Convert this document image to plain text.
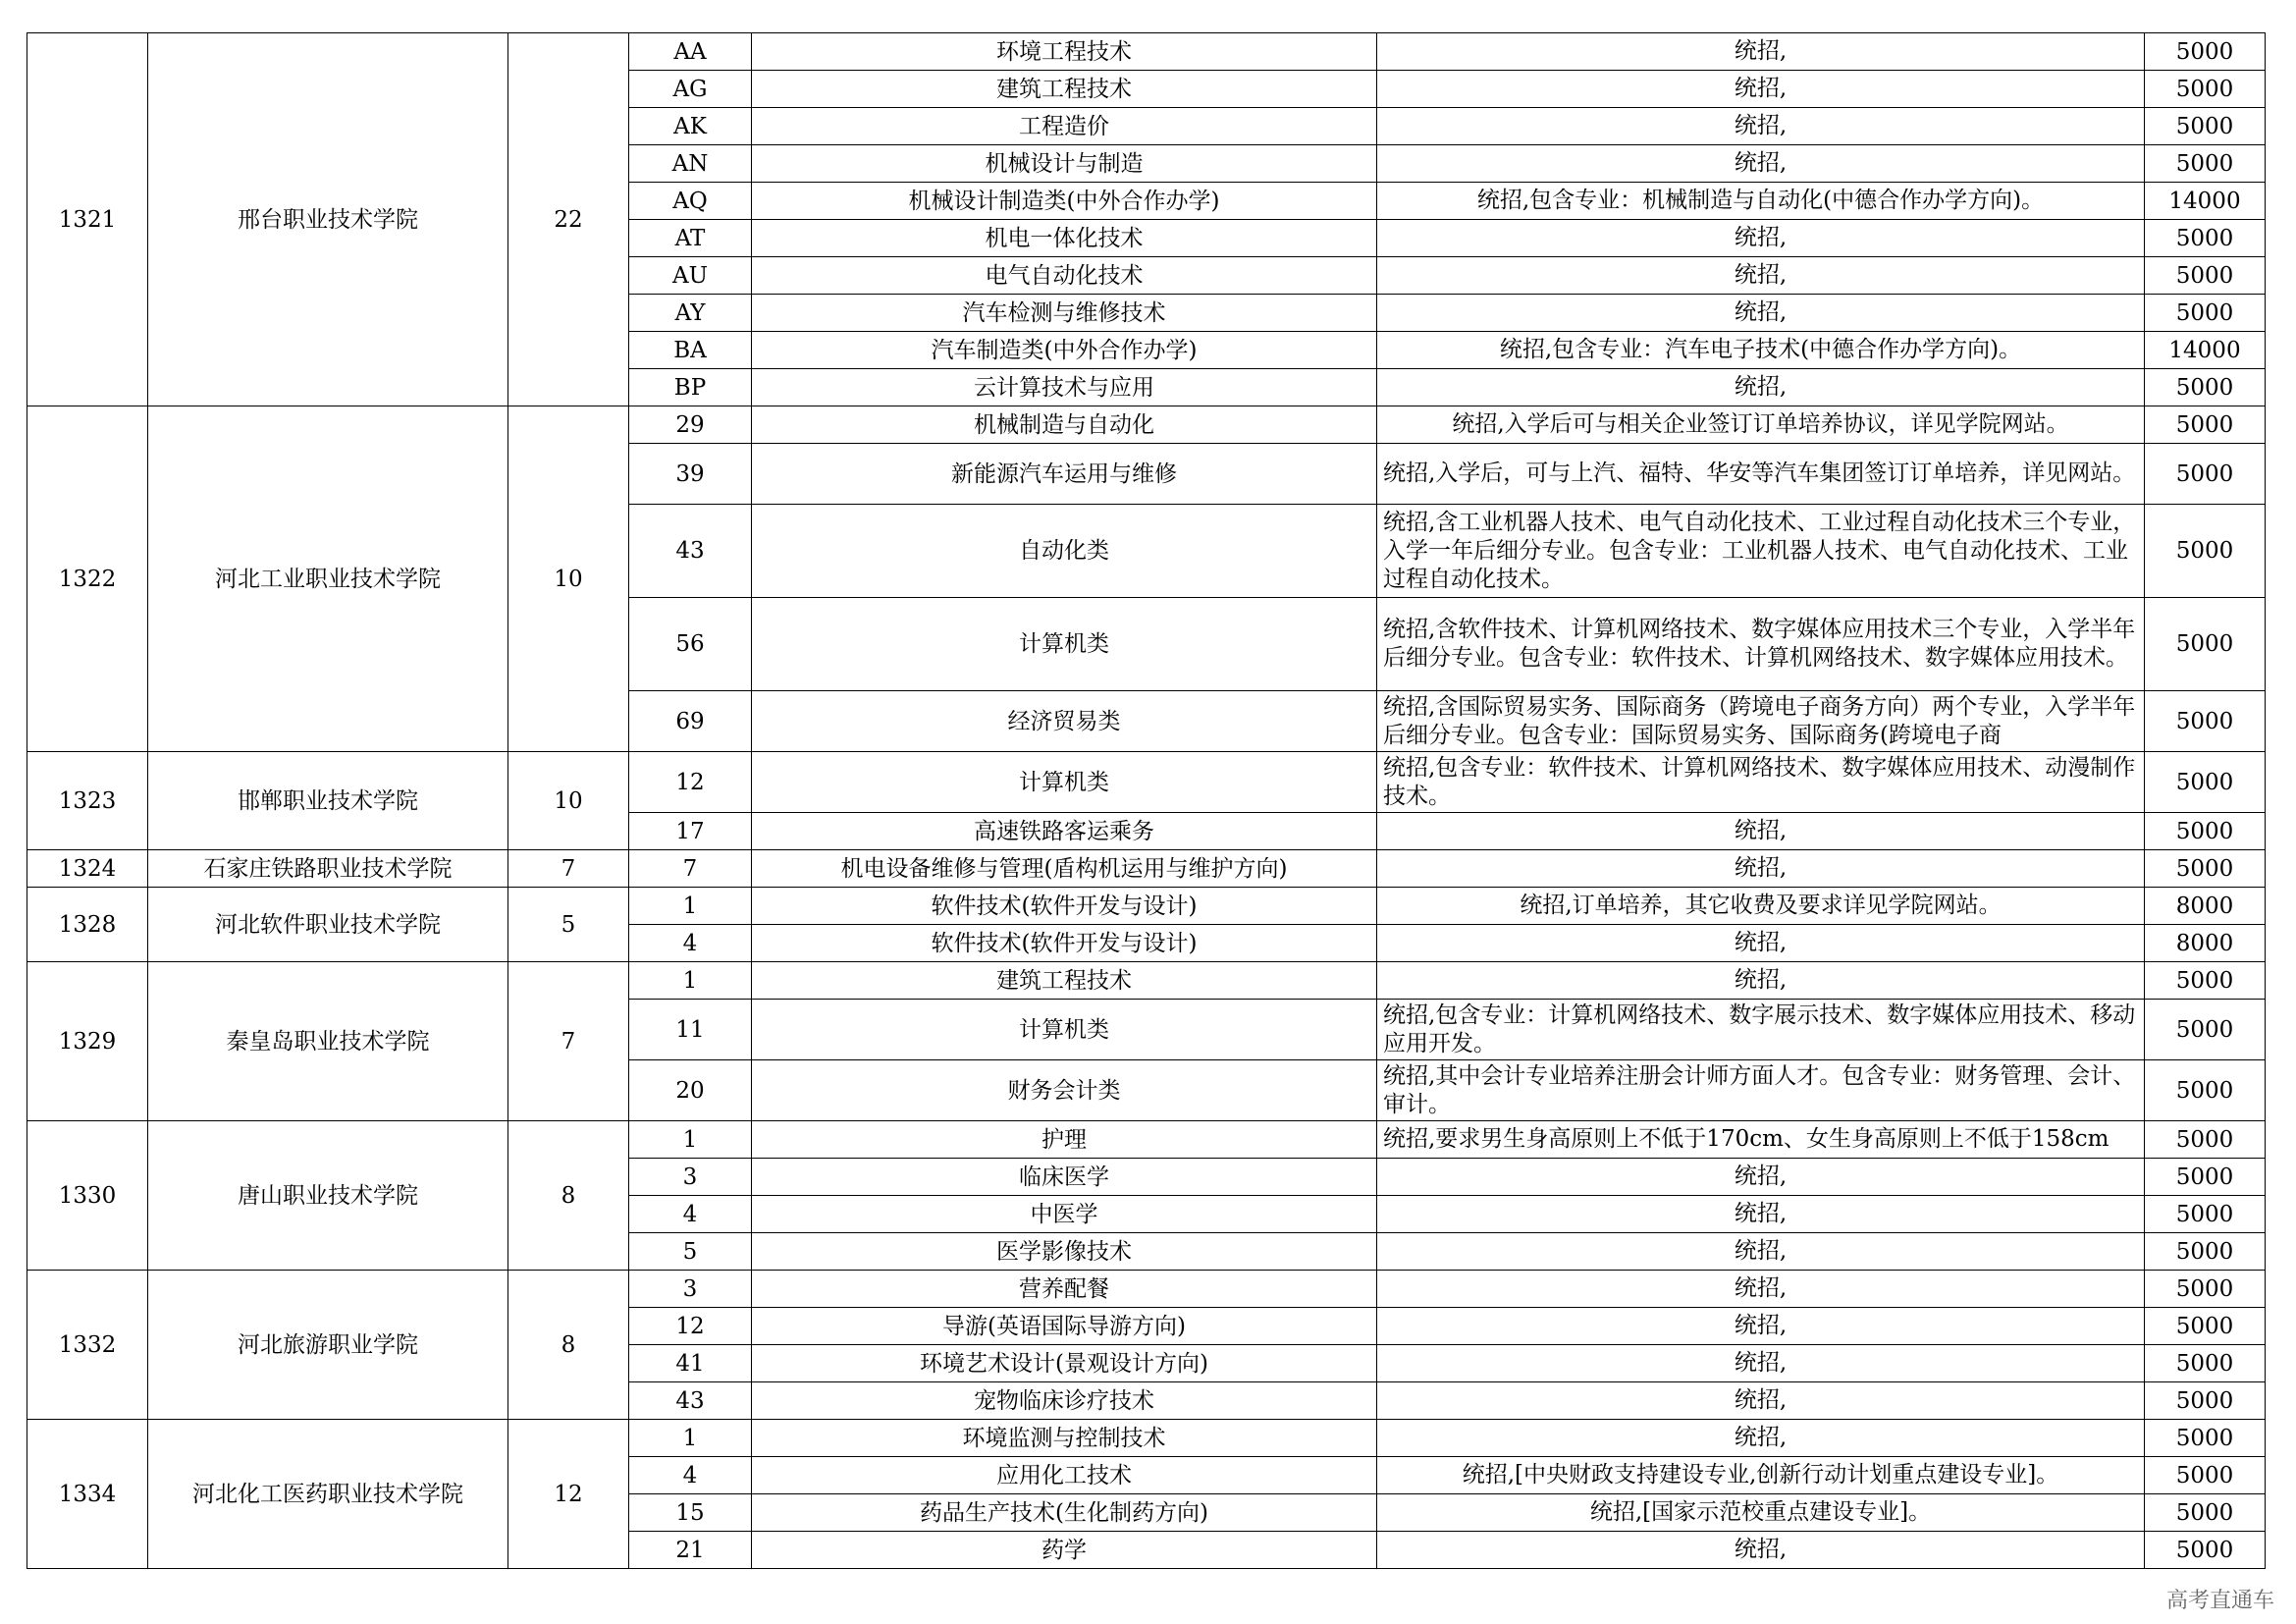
1321	邢台职业技术学院	22	AA	环境工程技术	统招,	5000
			AG	建筑工程技术	统招,	5000
			AK	工程造价	统招,	5000
			AN	机械设计与制造	统招,	5000
			AQ	机械设计制造类(中外合作办学)	统招,包含专业：机械制造与自动化(中德合作办学方向)。	14000
			AT	机电一体化技术	统招,	5000
			AU	电气自动化技术	统招,	5000
			AY	汽车检测与维修技术	统招,	5000
			BA	汽车制造类(中外合作办学)	统招,包含专业：汽车电子技术(中德合作办学方向)。	14000
			BP	云计算技术与应用	统招,	5000
1322	河北工业职业技术学院	10	29	机械制造与自动化	统招,入学后可与相关企业签订订单培养协议，详见学院网站。	5000
			39	新能源汽车运用与维修	统招,入学后，可与上汽、福特、华安等汽车集团签订订单培养，详见网站。	5000
			43	自动化类	统招,含工业机器人技术、电气自动化技术、工业过程自动化技术三个专业，入学一年后细分专业。包含专业：工业机器人技术、电气自动化技术、工业过程自动化技术。	5000
			56	计算机类	统招,含软件技术、计算机网络技术、数字媒体应用技术三个专业，入学半年后细分专业。包含专业：软件技术、计算机网络技术、数字媒体应用技术。	5000
			69	经济贸易类	统招,含国际贸易实务、国际商务（跨境电子商务方向）两个专业，入学半年后细分专业。包含专业：国际贸易实务、国际商务(跨境电子商	5000
1323	邯郸职业技术学院	10	12	计算机类	统招,包含专业：软件技术、计算机网络技术、数字媒体应用技术、动漫制作技术。	5000
			17	高速铁路客运乘务	统招,	5000
1324	石家庄铁路职业技术学院	7	7	机电设备维修与管理(盾构机运用与维护方向)	统招,	5000
1328	河北软件职业技术学院	5	1	软件技术(软件开发与设计)	统招,订单培养，其它收费及要求详见学院网站。	8000
			4	软件技术(软件开发与设计)	统招,	8000
1329	秦皇岛职业技术学院	7	1	建筑工程技术	统招,	5000
			11	计算机类	统招,包含专业：计算机网络技术、数字展示技术、数字媒体应用技术、移动应用开发。	5000
			20	财务会计类	统招,其中会计专业培养注册会计师方面人才。包含专业：财务管理、会计、审计。	5000
1330	唐山职业技术学院	8	1	护理	统招,要求男生身高原则上不低于170cm、女生身高原则上不低于158cm	5000
			3	临床医学	统招,	5000
			4	中医学	统招,	5000
			5	医学影像技术	统招,	5000
1332	河北旅游职业学院	8	3	营养配餐	统招,	5000
			12	导游(英语国际导游方向)	统招,	5000
			41	环境艺术设计(景观设计方向)	统招,	5000
			43	宠物临床诊疗技术	统招,	5000
1334	河北化工医药职业技术学院	12	1	环境监测与控制技术	统招,	5000
			4	应用化工技术	统招,[中央财政支持建设专业,创新行动计划重点建设专业]。	5000
			15	药品生产技术(生化制药方向)	统招,[国家示范校重点建设专业]。	5000
			21	药学	统招,	5000
高考直通车
